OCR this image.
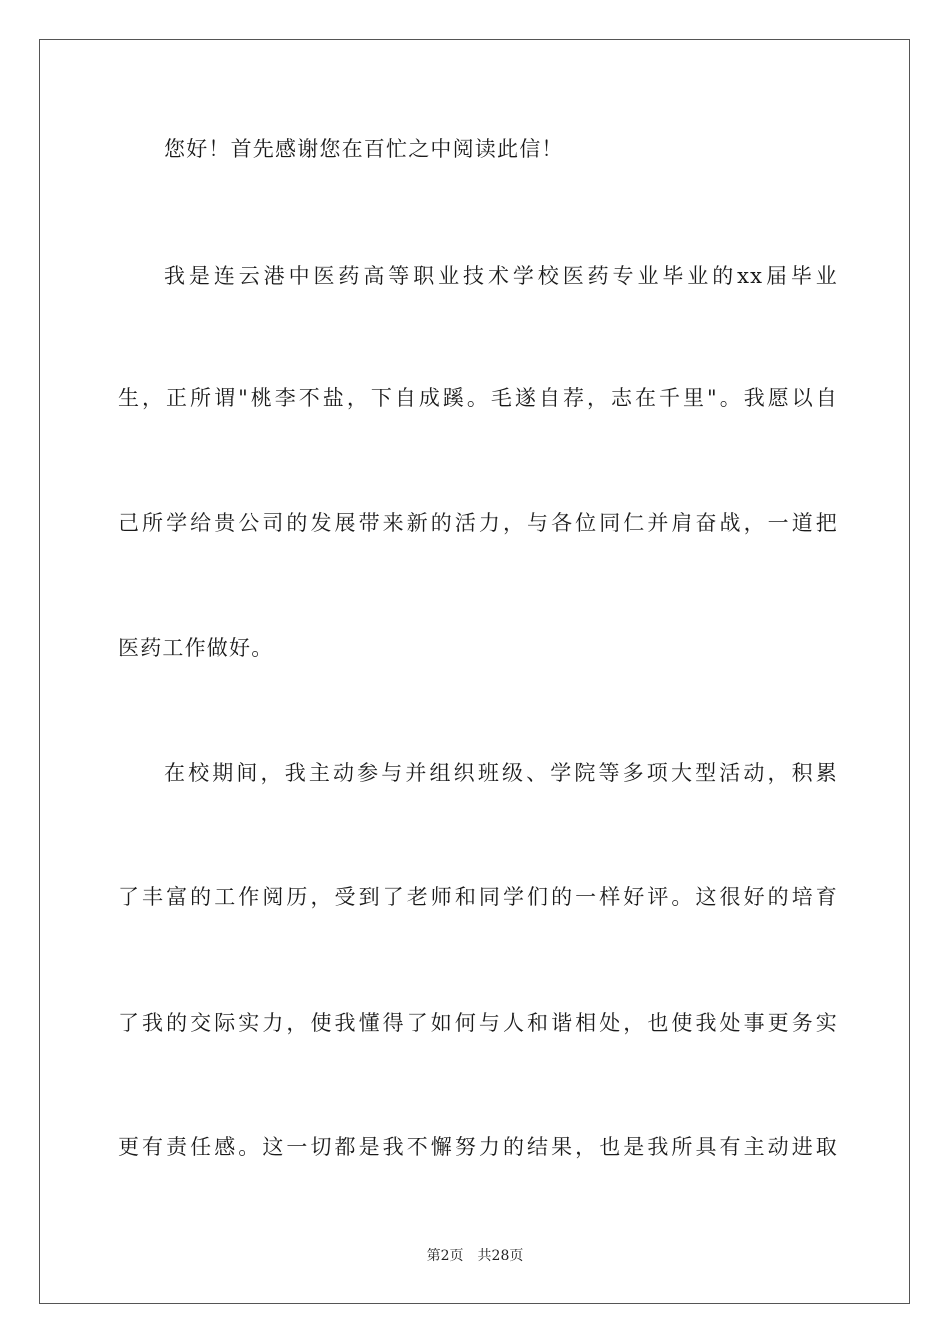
您好！首先感谢您在百忙之中阅读此信！
我是连云港中医药高等职业技术学校医药专业毕业的xx届毕业
生，正所谓"桃李不盐，下自成蹊。毛遂自荐，志在千里"。我愿以自
己所学给贵公司的发展带来新的活力，与各位同仁并肩奋战，一道把
医药工作做好。
在校期间，我主动参与并组织班级、学院等多项大型活动，积累
了丰富的工作阅历，受到了老师和同学们的一样好评。这很好的培育
了我的交际实力，使我懂得了如何与人和谐相处，也使我处事更务实
更有责任感。这一切都是我不懈努力的结果，也是我所具有主动进取
第2页 共28页
